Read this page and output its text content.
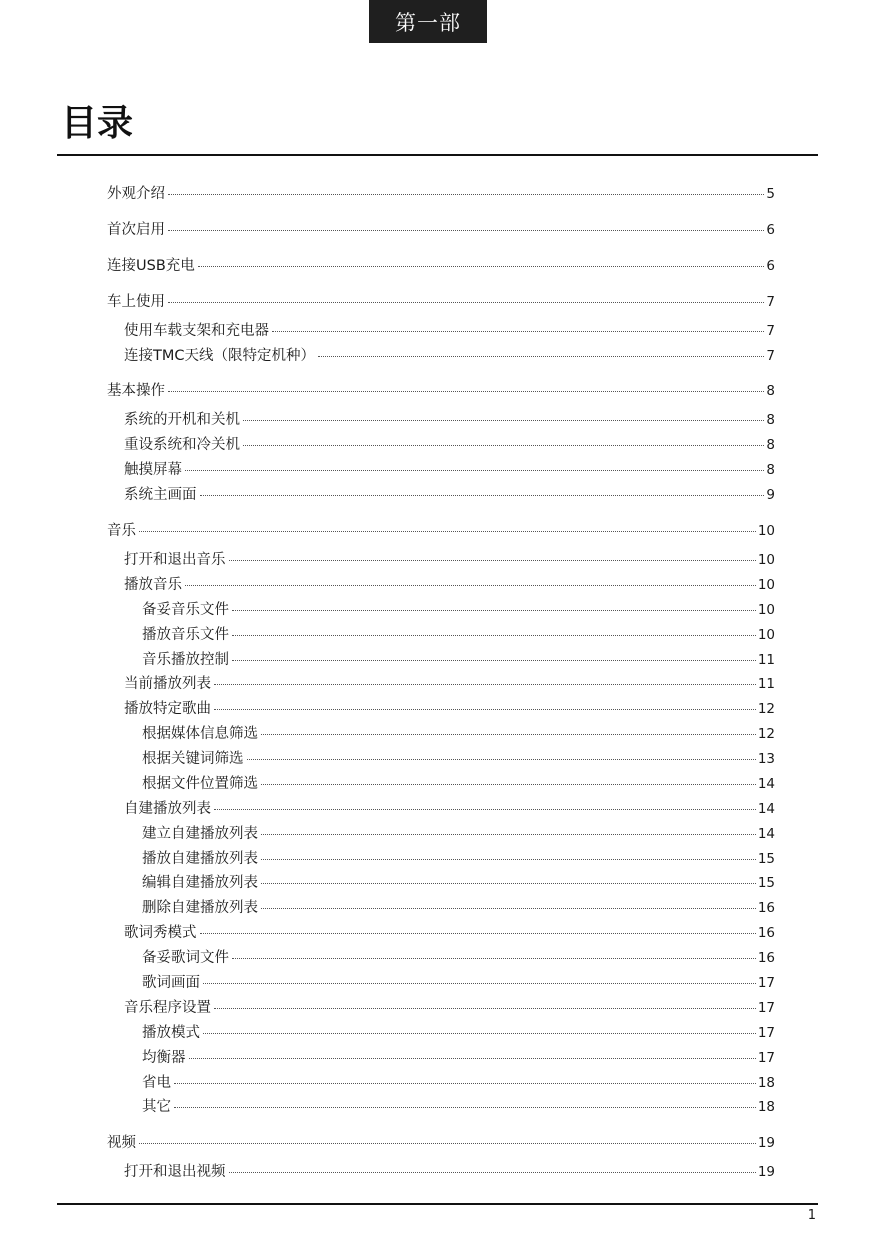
第一部
目录
外观介绍	5
首次启用	6
连接USB充电	6
车上使用	7
使用车载支架和充电器	7
连接TMC天线（限特定机种）	7
基本操作	8
系统的开机和关机	8
重设系统和冷关机	8
触摸屏幕	8
系统主画面	9
音乐	10
打开和退出音乐	10
播放音乐	10
备妥音乐文件	10
播放音乐文件	10
音乐播放控制	11
当前播放列表	11
播放特定歌曲	12
根据媒体信息筛选	12
根据关键词筛选	13
根据文件位置筛选	14
自建播放列表	14
建立自建播放列表	14
播放自建播放列表	15
编辑自建播放列表	15
删除自建播放列表	16
歌词秀模式	16
备妥歌词文件	16
歌词画面	17
音乐程序设置	17
播放模式	17
均衡器	17
省电	18
其它	18
视频	19
打开和退出视频	19
1
